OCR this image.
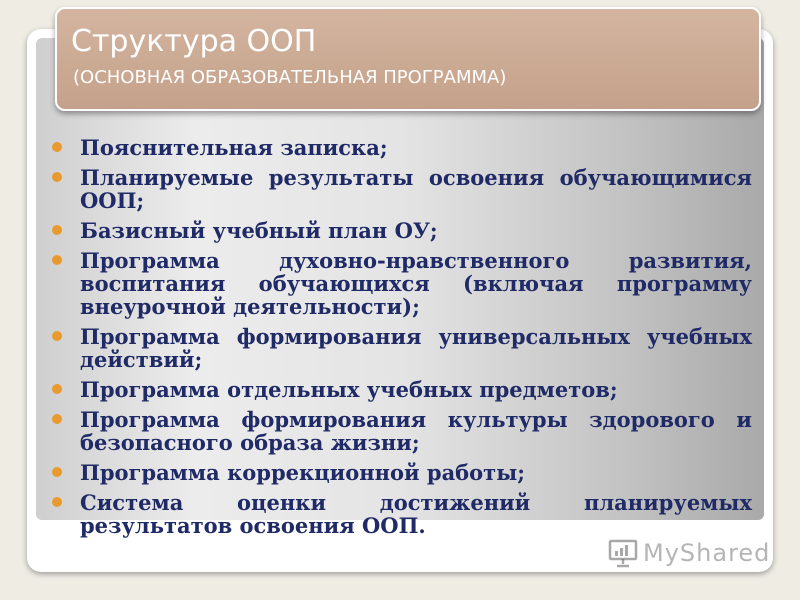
Структура ООП
(ОСНОВНАЯ ОБРАЗОВАТЕЛЬНАЯ ПРОГРАММА)
Пояснительная записка;
Планируемые результаты освоения обучающимися ООП;
Базисный учебный план ОУ;
Программа духовно-нравственного развития, воспитания обучающихся (включая программу внеурочной деятельности);
Программа формирования универсальных учебных действий;
Программа отдельных учебных предметов;
Программа формирования культуры здорового и безопасного образа жизни;
Программа коррекционной работы;
Система оценки достижений планируемых результатов освоения ООП.
MyShared
